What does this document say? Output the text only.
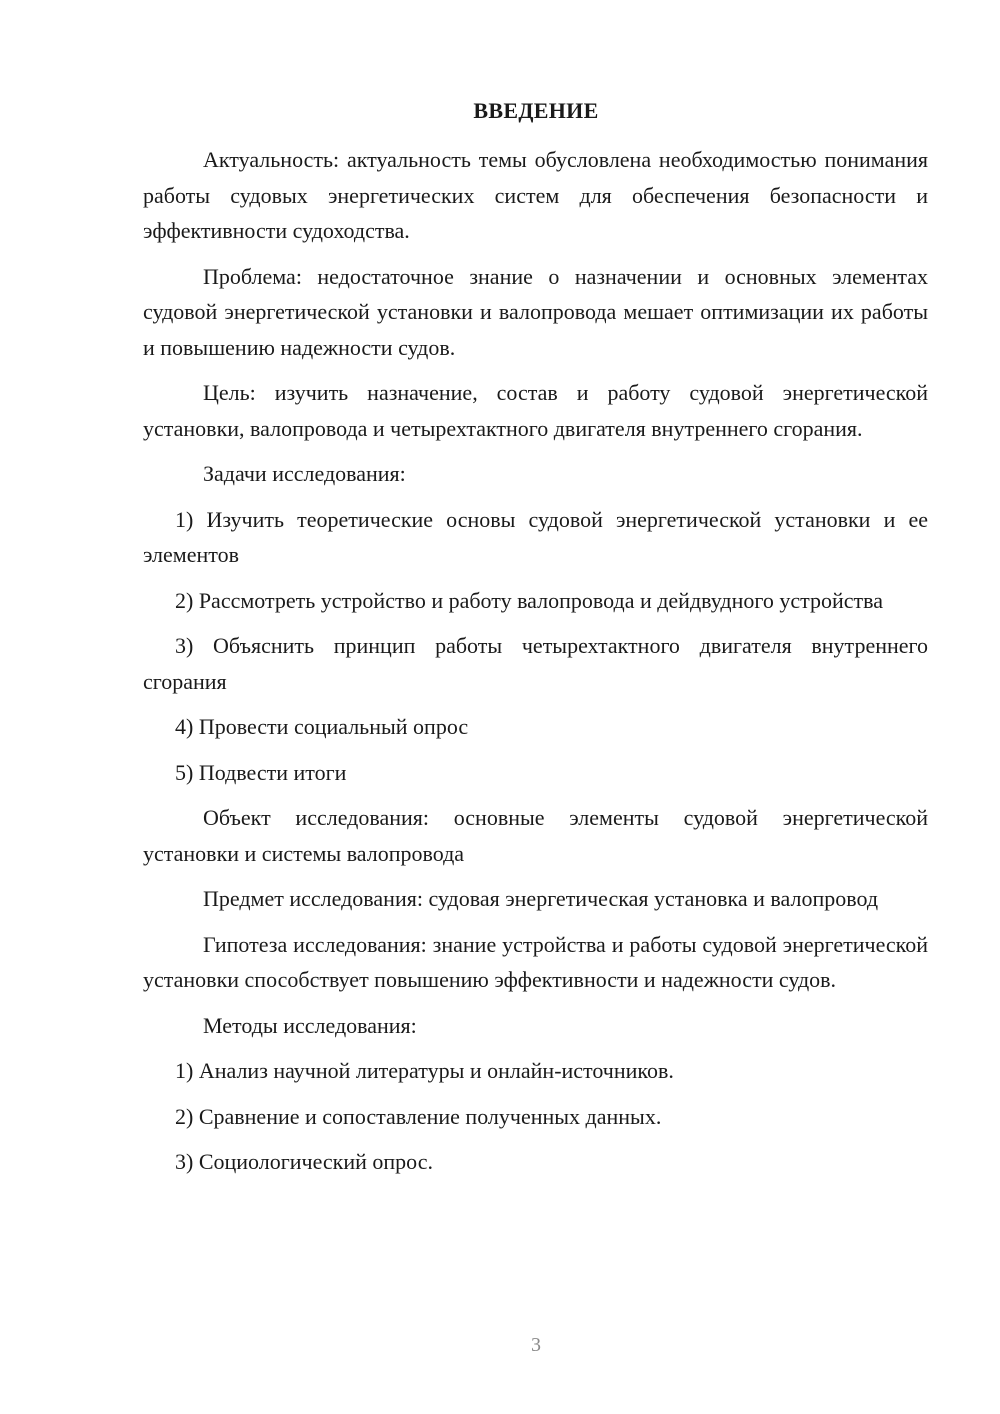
ВВЕДЕНИЕ

Актуальность: актуальность темы обусловлена необходимостью понимания работы судовых энергетических систем для обеспечения безопасности и эффективности судоходства.

Проблема: недостаточное знание о назначении и основных элементах судовой энергетической установки и валопровода мешает оптимизации их работы и повышению надежности судов.

Цель: изучить назначение, состав и работу судовой энергетической установки, валопровода и четырехтактного двигателя внутреннего сгорания.

Задачи исследования:

1) Изучить теоретические основы судовой энергетической установки и ее элементов

2) Рассмотреть устройство и работу валопровода и дейдвудного устройства

3) Объяснить принцип работы четырехтактного двигателя внутреннего сгорания

4) Провести социальный опрос

5) Подвести итоги

Объект исследования: основные элементы судовой энергетической установки и системы валопровода

Предмет исследования: судовая энергетическая установка и валопровод

Гипотеза исследования: знание устройства и работы судовой энергетической установки способствует повышению эффективности и надежности судов.

Методы исследования:

1) Анализ научной литературы и онлайн-источников.

2) Сравнение и сопоставление полученных данных.

3) Социологический опрос.

3
